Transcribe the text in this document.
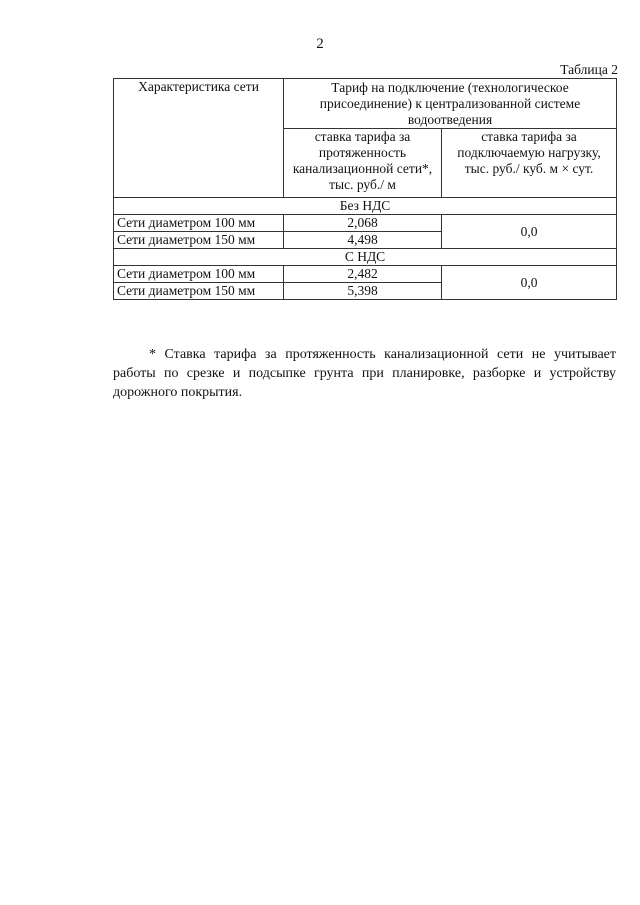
2
Таблица 2
Характеристика сети	Тариф на подключение (технологическое присоединение) к централизованной системе водоотведения	
	ставка тарифа за протяженность канализационной сети*, тыс. руб./ м	ставка тарифа за подключаемую нагрузку, тыс. руб./ куб. м × сут.
Без НДС		
Сети диаметром 100 мм	2,068	0,0
Сети диаметром 150 мм	4,498	
С НДС		
Сети диаметром 100 мм	2,482	0,0
Сети диаметром 150 мм	5,398	

* Ставка тарифа за протяженность канализационной сети не учитывает работы по срезке и подсыпке грунта при планировке, разборке и устройству дорожного покрытия.
